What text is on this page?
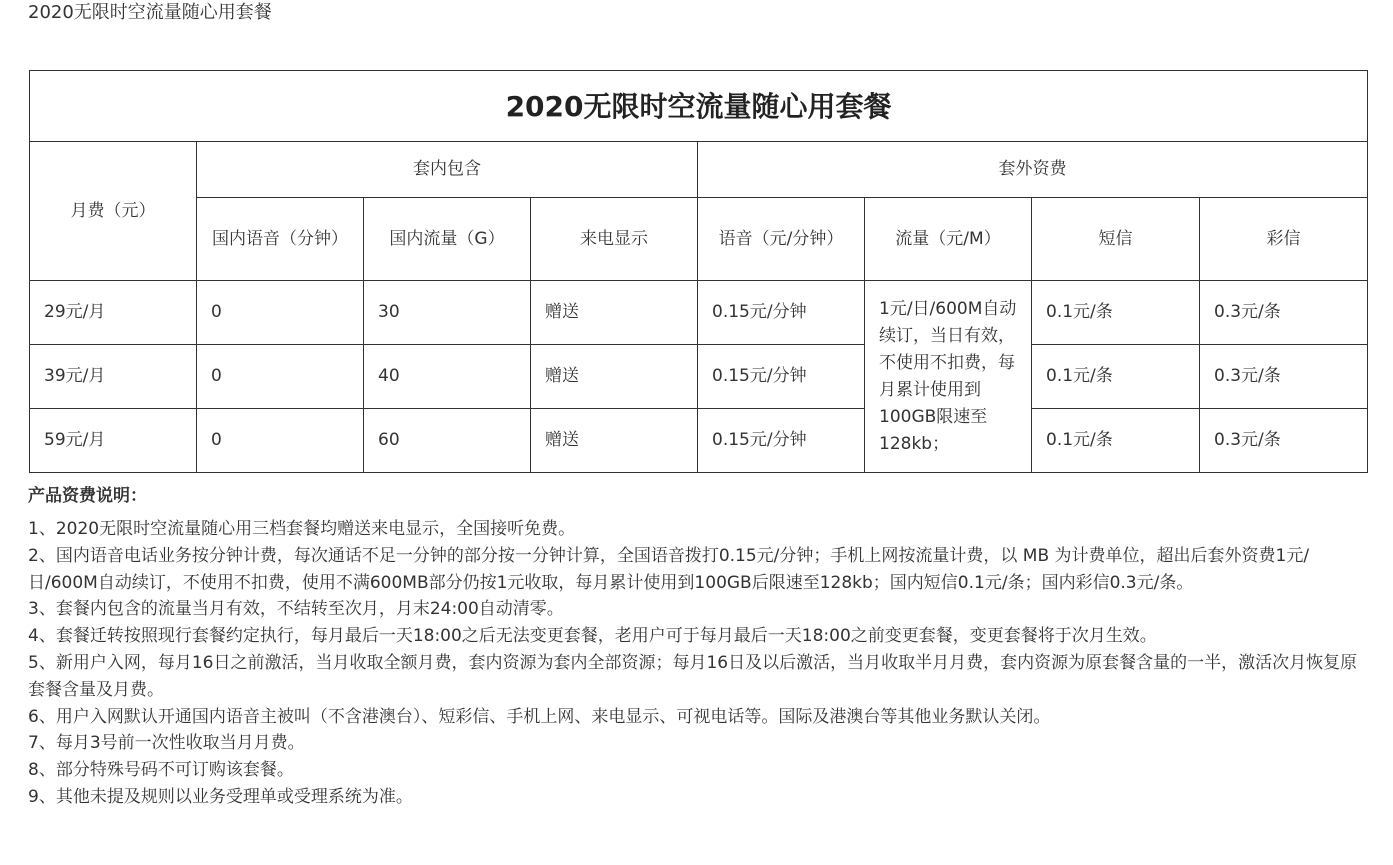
2020无限时空流量随心用套餐
2020无限时空流量随心用套餐							
月费（元）	套内包含			套外资费			
	国内语音（分钟）	国内流量（G）	来电显示	语音（元/分钟）	流量（元/M）	短信	彩信
29元/月	0	30	赠送	0.15元/分钟	1元/日/600M自动续订，当日有效，不使用不扣费，每月累计使用到100GB限速至128kb；	0.1元/条	0.3元/条
39元/月	0	40	赠送	0.15元/分钟		0.1元/条	0.3元/条
59元/月	0	60	赠送	0.15元/分钟		0.1元/条	0.3元/条
产品资费说明：
1、2020无限时空流量随心用三档套餐均赠送来电显示，全国接听免费。
2、国内语音电话业务按分钟计费，每次通话不足一分钟的部分按一分钟计算，全国语音拨打0.15元/分钟；手机上网按流量计费，以 MB 为计费单位，超出后套外资费1元/日/600M自动续订，不使用不扣费，使用不满600MB部分仍按1元收取，每月累计使用到100GB后限速至128kb；国内短信0.1元/条；国内彩信0.3元/条。
3、套餐内包含的流量当月有效，不结转至次月，月末24:00自动清零。
4、套餐迁转按照现行套餐约定执行，每月最后一天18:00之后无法变更套餐，老用户可于每月最后一天18:00之前变更套餐，变更套餐将于次月生效。
5、新用户入网，每月16日之前激活，当月收取全额月费，套内资源为套内全部资源；每月16日及以后激活，当月收取半月月费，套内资源为原套餐含量的一半，激活次月恢复原套餐含量及月费。
6、用户入网默认开通国内语音主被叫（不含港澳台）、短彩信、手机上网、来电显示、可视电话等。国际及港澳台等其他业务默认关闭。
7、每月3号前一次性收取当月月费。
8、部分特殊号码不可订购该套餐。
9、其他未提及规则以业务受理单或受理系统为准。
